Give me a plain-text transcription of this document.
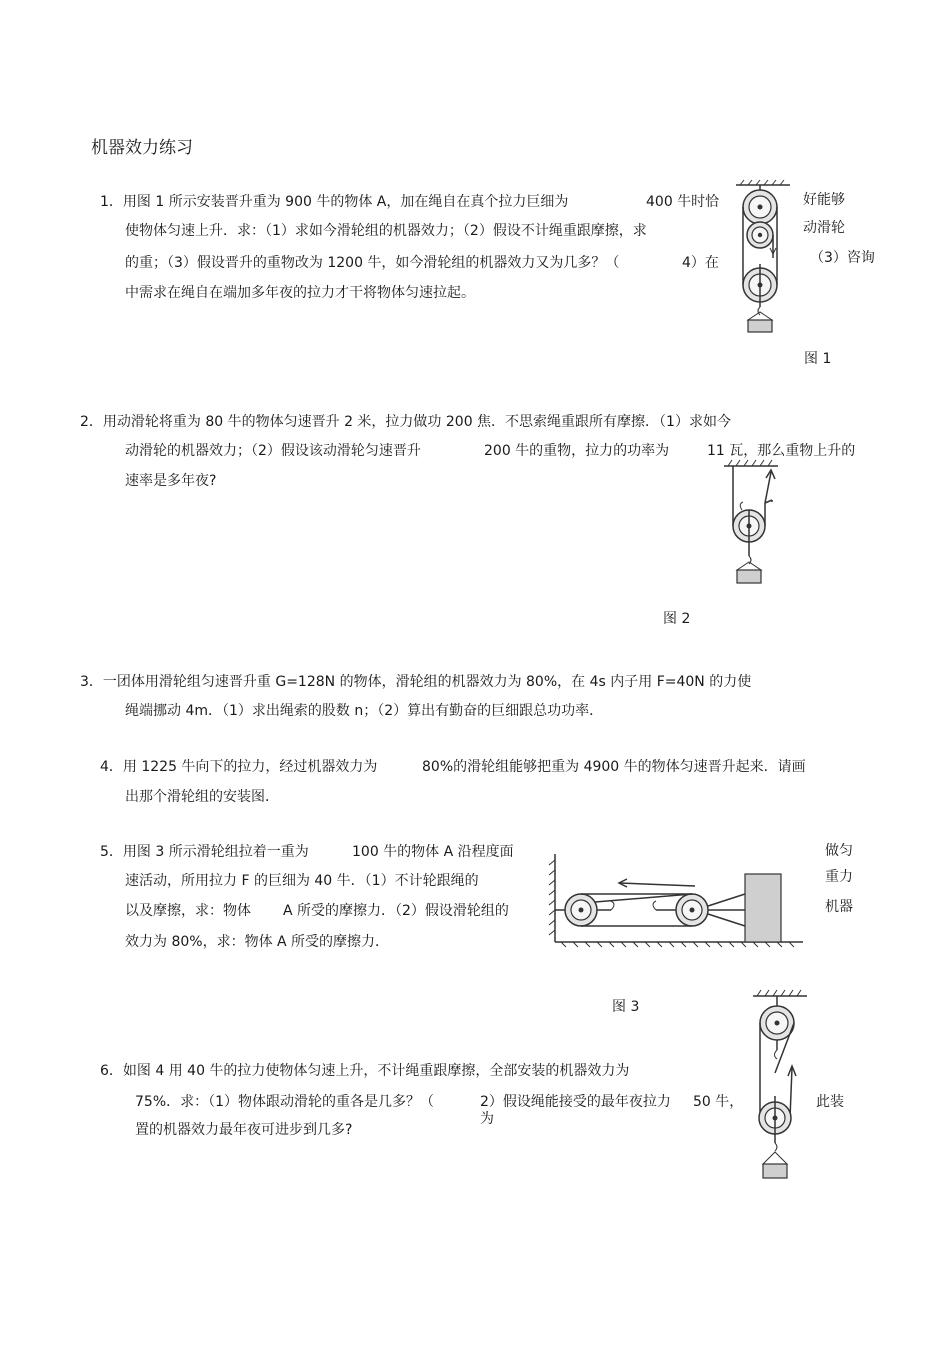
机器效力练习
1．用图 1 所示安装晋升重为 900 牛的物体 A，加在绳自在真个拉力巨细为	400 牛时恰	好能够
动滑轮
使物体匀速上升．求：（1）求如今滑轮组的机器效力；（2）假设不计绳重跟摩擦，求
的重；（3）假设晋升的重物改为 1200 牛，如今滑轮组的机器效力又为几多？（	4）在	（3）咨询
中需求在绳自在端加多年夜的拉力才干将物体匀速拉起。
图 1
2．用动滑轮将重为 80 牛的物体匀速晋升 2 米，拉力做功 200 焦．不思索绳重跟所有摩擦．（1）求如今
动滑轮的机器效力；（2）假设该动滑轮匀速晋升	200 牛的重物，拉力的功率为	11 瓦，那么重物上升的
速率是多年夜?
图 2
3．一团体用滑轮组匀速晋升重 G=128N 的物体，滑轮组的机器效力为 80%，在 4s 内子用 F=40N 的力使
绳端挪动 4m．（1）求出绳索的股数 n；（2）算出有勤奋的巨细跟总功功率．
4．用 1225 牛向下的拉力，经过机器效力为	80%的滑轮组能够把重为 4900 牛的物体匀速晋升起来．请画
出那个滑轮组的安装图．
5．用图 3 所示滑轮组拉着一重为	100 牛的物体 A 沿程度面	做匀
速活动，所用拉力 F 的巨细为 40 牛．（1）不计轮跟绳的	重力
以及摩擦，求：物体 A 所受的摩擦力．（2）假设滑轮组的	机器
效力为 80%，求：物体 A 所受的摩擦力．
图 3
6．如图 4 用 40 牛的拉力使物体匀速上升，不计绳重跟摩擦，全部安装的机器效力为
75%．求：（1）物体跟动滑轮的重各是几多？（	2）假设绳能接受的最年夜拉力
为
50 牛，	此装
置的机器效力最年夜可进步到几多?
